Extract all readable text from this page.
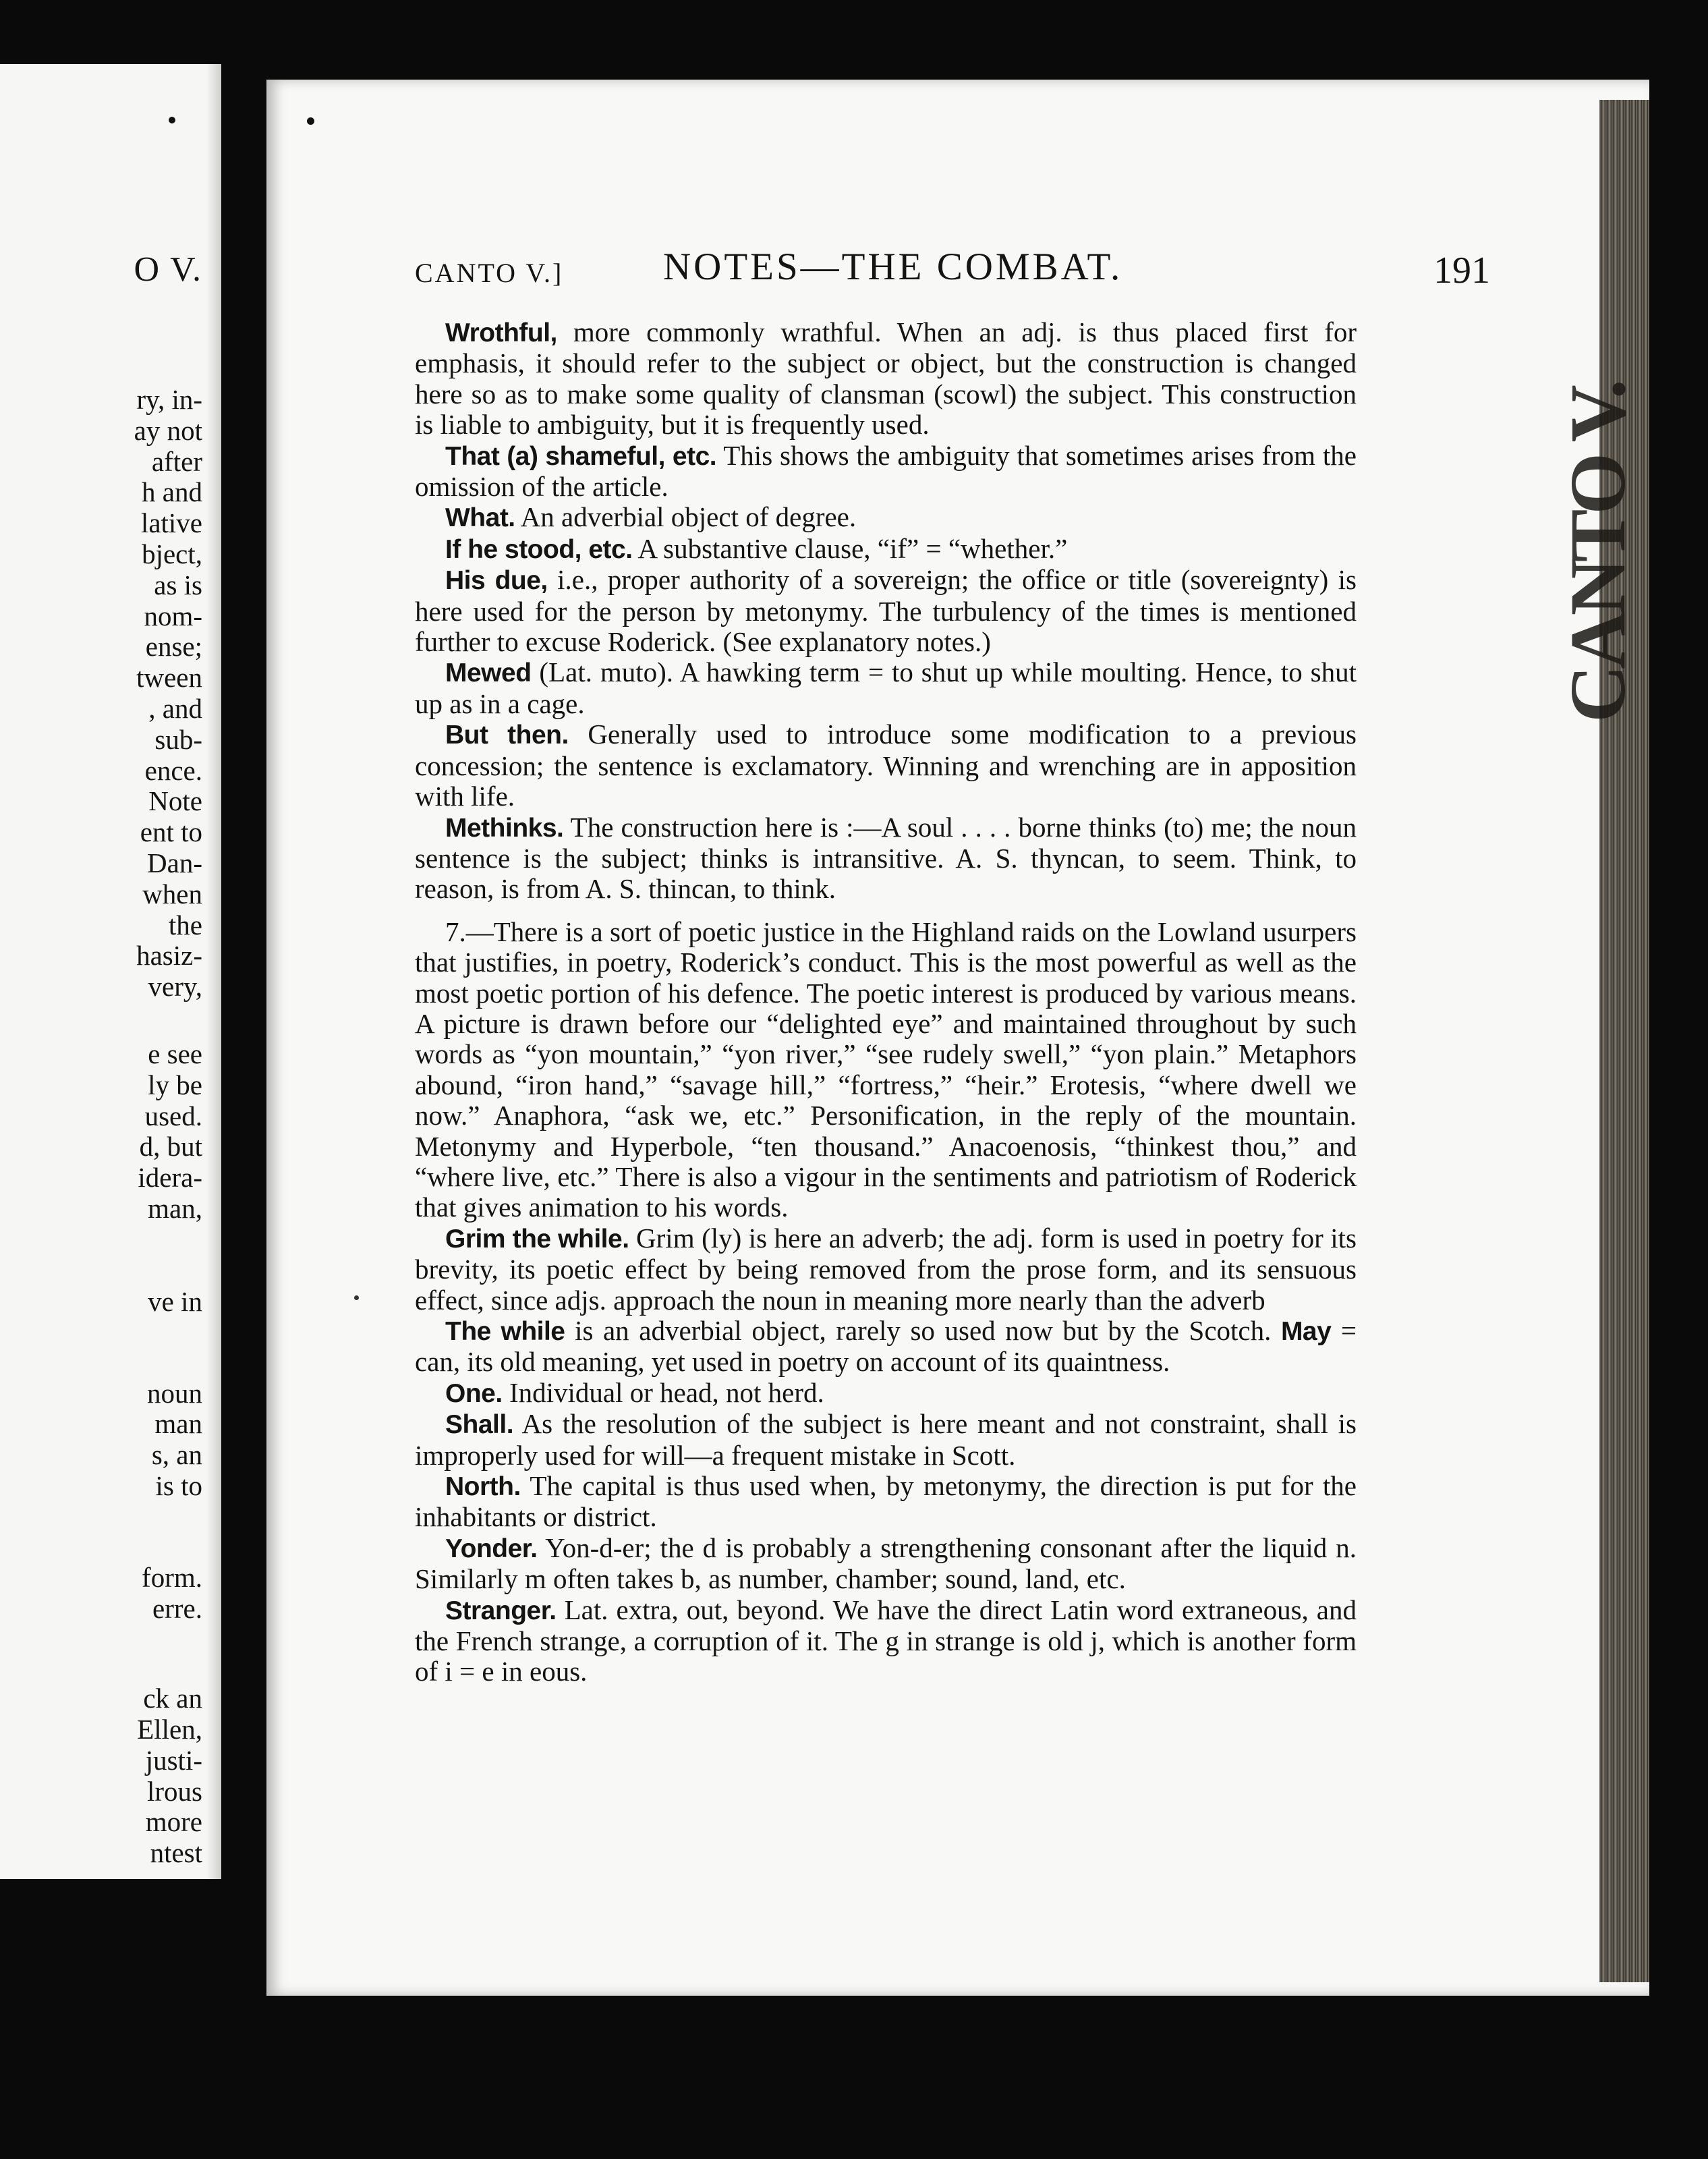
O V.
ry, in-
ay not
after
h and
lative
bject,
as is
nom-
ense;
tween
, and
sub-
ence.
Note
ent to
Dan-
when
the
hasiz-
very,
e see
ly be
used.
d, but
idera-
man,
ve in
noun
man
s, an
is to
form.
erre.
ck an
Ellen,
justi-
lrous
more
ntest
CANTO V.]	NOTES—THE COMBAT.	191

Wrothful, more commonly wrathful. When an adj. is thus placed first for emphasis, it should refer to the subject or object, but the construction is changed here so as to make some quality of clansman (scowl) the subject. This construction is liable to ambiguity, but it is frequently used.

That (a) shameful, etc. This shows the ambiguity that sometimes arises from the omission of the article.

What. An adverbial object of degree.

If he stood, etc. A substantive clause, “if” = “whether.”

His due, i.e., proper authority of a sovereign; the office or title (sovereignty) is here used for the person by metonymy. The turbulency of the times is mentioned further to excuse Roderick. (See explanatory notes.)

Mewed (Lat. muto). A hawking term = to shut up while moulting. Hence, to shut up as in a cage.

But then. Generally used to introduce some modification to a previous concession; the sentence is exclamatory. Winning and wrenching are in apposition with life.

Methinks. The construction here is :—A soul . . . . borne thinks (to) me; the noun sentence is the subject; thinks is intransitive. A. S. thyncan, to seem. Think, to reason, is from A. S. thincan, to think.

7.—There is a sort of poetic justice in the Highland raids on the Lowland usurpers that justifies, in poetry, Roderick’s conduct. This is the most powerful as well as the most poetic portion of his defence. The poetic interest is produced by various means. A picture is drawn before our “delighted eye” and maintained throughout by such words as “yon mountain,” “yon river,” “see rudely swell,” “yon plain.” Metaphors abound, “iron hand,” “savage hill,” “fortress,” “heir.” Erotesis, “where dwell we now.” Anaphora, “ask we, etc.” Personification, in the reply of the mountain. Metonymy and Hyperbole, “ten thousand.” Anacoenosis, “thinkest thou,” and “where live, etc.” There is also a vigour in the sentiments and patriotism of Roderick that gives animation to his words.

Grim the while. Grim (ly) is here an adverb; the adj. form is used in poetry for its brevity, its poetic effect by being removed from the prose form, and its sensuous effect, since adjs. approach the noun in meaning more nearly than the adverb

The while is an adverbial object, rarely so used now but by the Scotch. May = can, its old meaning, yet used in poetry on account of its quaintness.

One. Individual or head, not herd.

Shall. As the resolution of the subject is here meant and not constraint, shall is improperly used for will—a frequent mistake in Scott.

North. The capital is thus used when, by metonymy, the direction is put for the inhabitants or district.

Yonder. Yon-d-er; the d is probably a strengthening consonant after the liquid n. Similarly m often takes b, as number, chamber; sound, land, etc.

Stranger. Lat. extra, out, beyond. We have the direct Latin word extraneous, and the French strange, a corruption of it. The g in strange is old j, which is another form of i = e in eous.

CANTO V.
